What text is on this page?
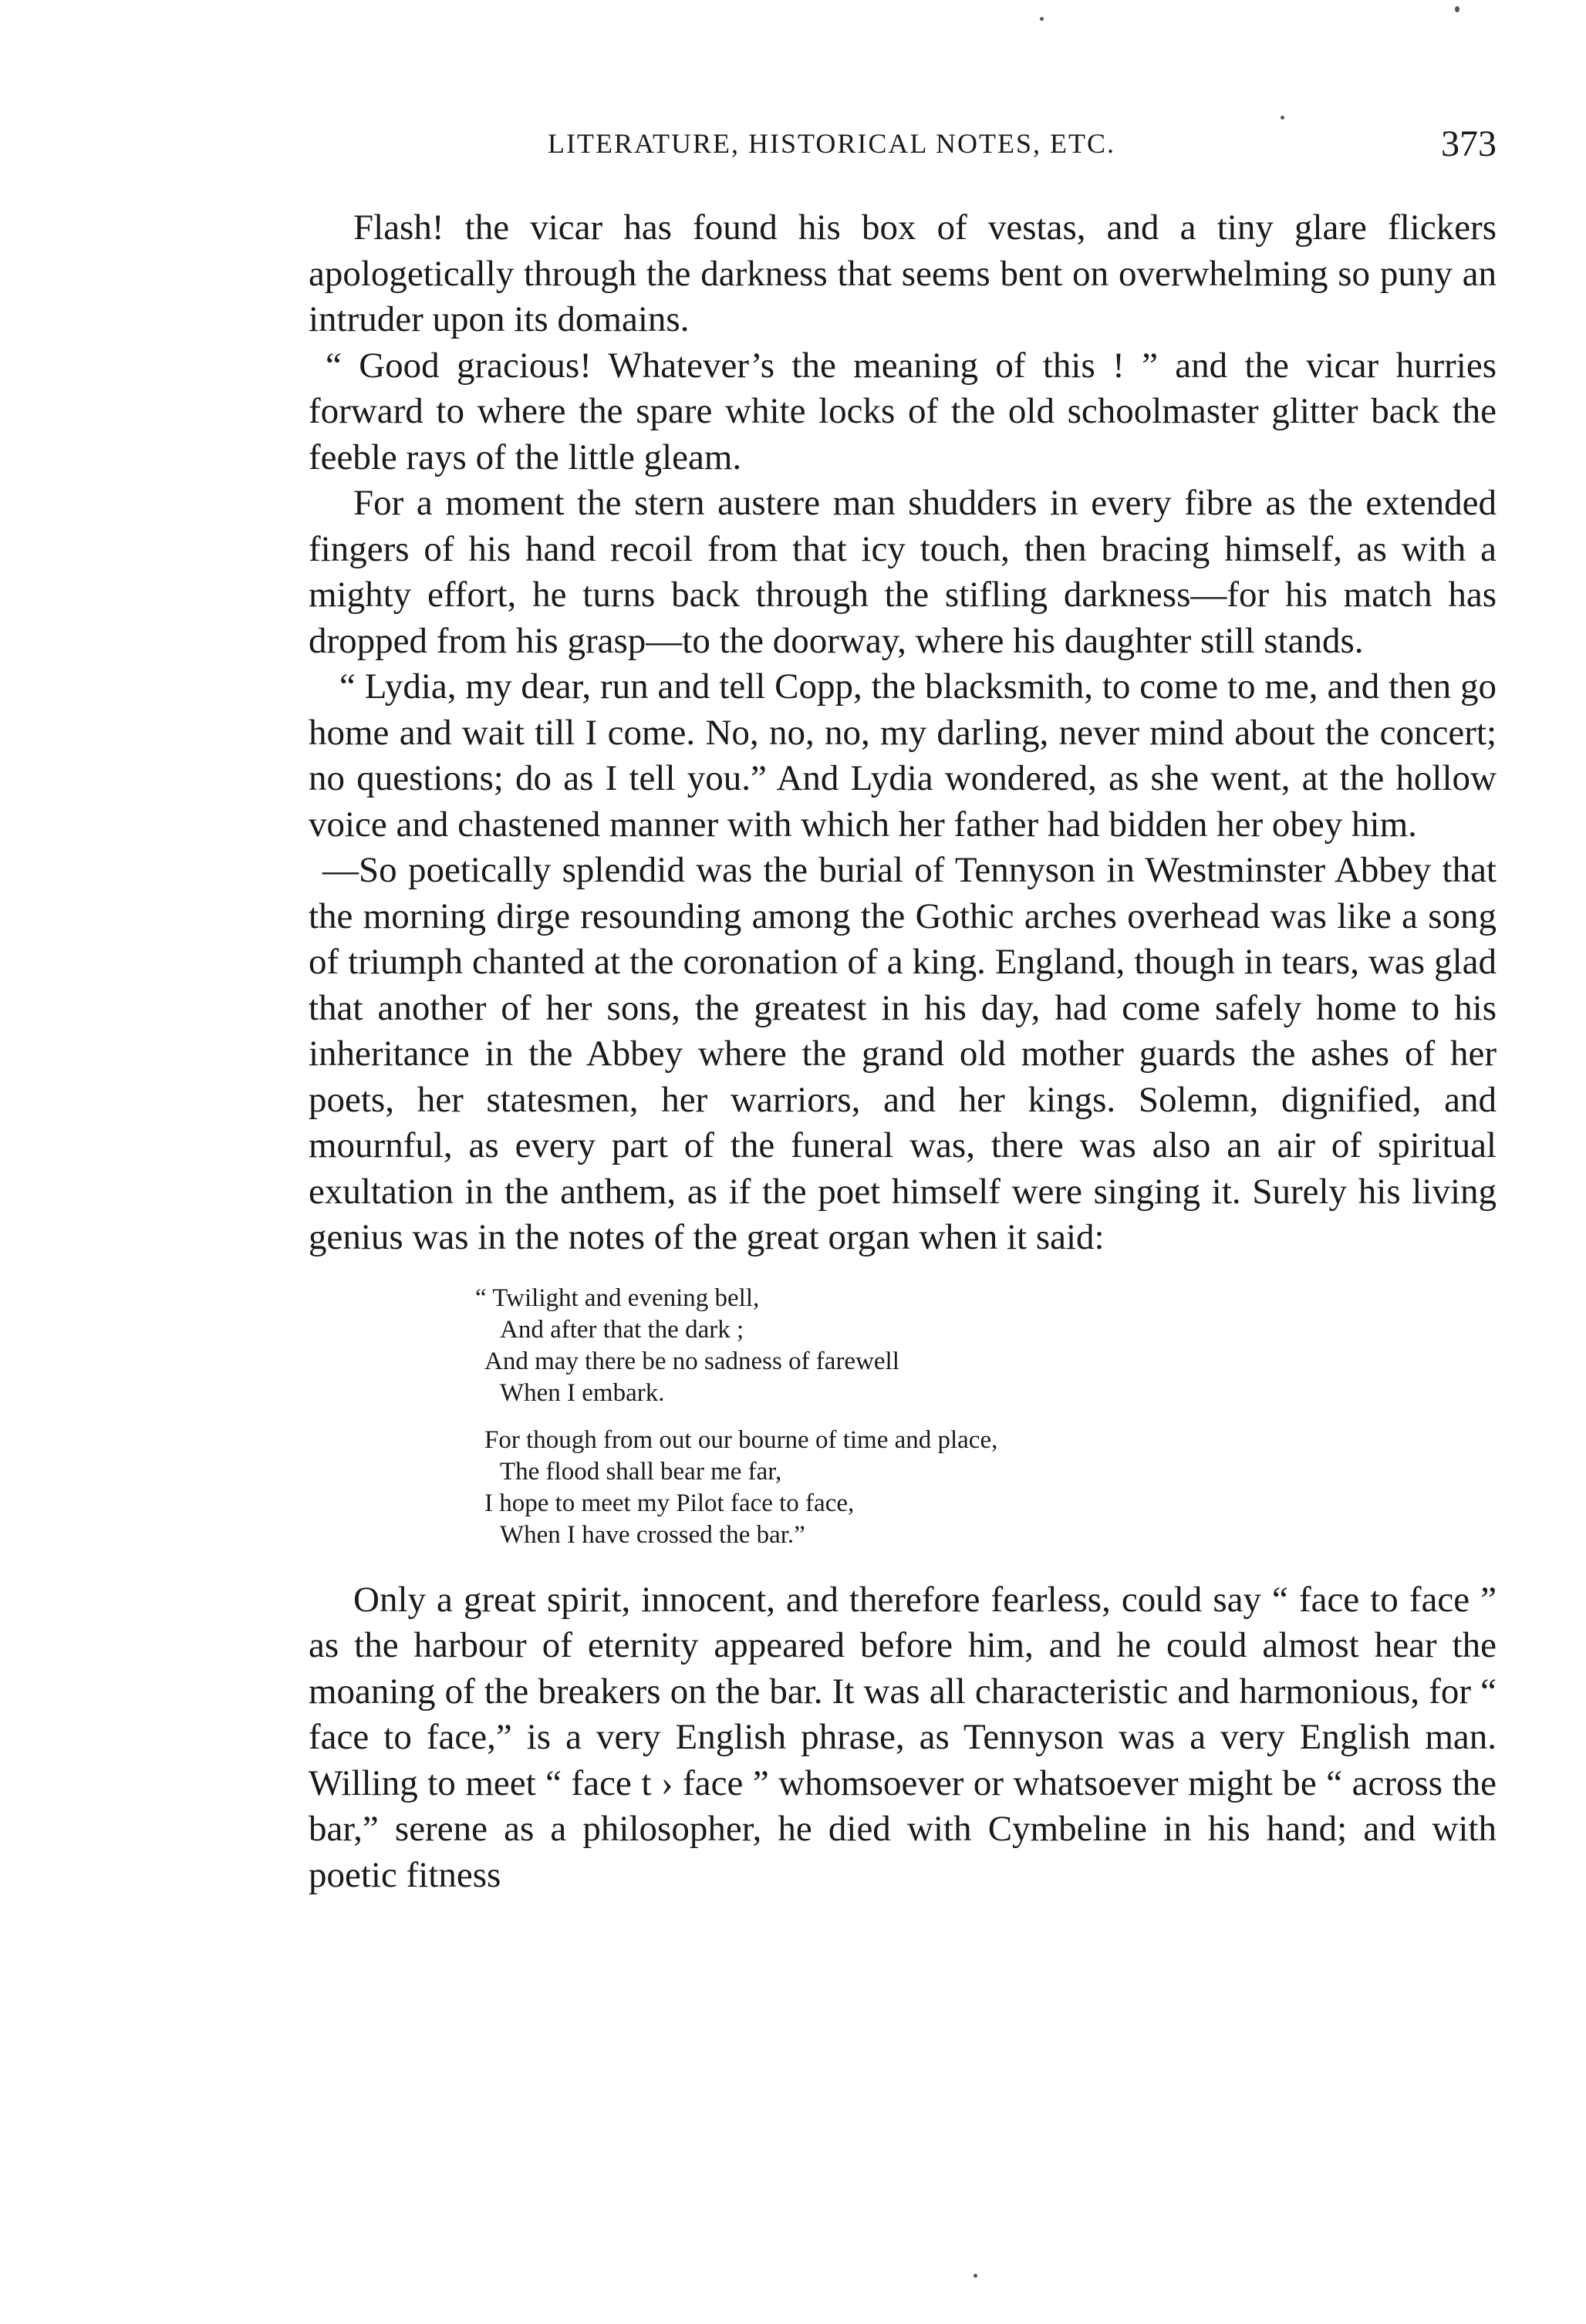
LITERATURE, HISTORICAL NOTES, ETC.	373

Flash! the vicar has found his box of vestas, and a tiny glare flickers apologetically through the darkness that seems bent on overwhelming so puny an intruder upon its domains.

“ Good gracious! Whatever’s the meaning of this ! ” and the vicar hurries forward to where the spare white locks of the old schoolmaster glitter back the feeble rays of the little gleam.

For a moment the stern austere man shudders in every fibre as the extended fingers of his hand recoil from that icy touch, then bracing himself, as with a mighty effort, he turns back through the stifling darkness—for his match has dropped from his grasp—to the doorway, where his daughter still stands.

“ Lydia, my dear, run and tell Copp, the blacksmith, to come to me, and then go home and wait till I come. No, no, no, my darling, never mind about the concert; no questions; do as I tell you.” And Lydia wondered, as she went, at the hollow voice and chastened manner with which her father had bidden her obey him.

—So poetically splendid was the burial of Tennyson in Westminster Abbey that the morning dirge resounding among the Gothic arches overhead was like a song of triumph chanted at the coronation of a king. England, though in tears, was glad that another of her sons, the greatest in his day, had come safely home to his inheritance in the Abbey where the grand old mother guards the ashes of her poets, her statesmen, her warriors, and her kings. Solemn, dignified, and mournful, as every part of the funeral was, there was also an air of spiritual exultation in the anthem, as if the poet himself were singing it. Surely his living genius was in the notes of the great organ when it said:

“ Twilight and evening bell,
And after that the dark ;
And may there be no sadness of farewell
When I embark.
For though from out our bourne of time and place,
The flood shall bear me far,
I hope to meet my Pilot face to face,
When I have crossed the bar.”

Only a great spirit, innocent, and therefore fearless, could say “ face to face ” as the harbour of eternity appeared before him, and he could almost hear the moaning of the breakers on the bar. It was all characteristic and harmonious, for “ face to face,” is a very English phrase, as Tennyson was a very English man. Willing to meet “ face t › face ” whomsoever or whatsoever might be “ across the bar,” serene as a philosopher, he died with Cymbeline in his hand; and with poetic fitness
